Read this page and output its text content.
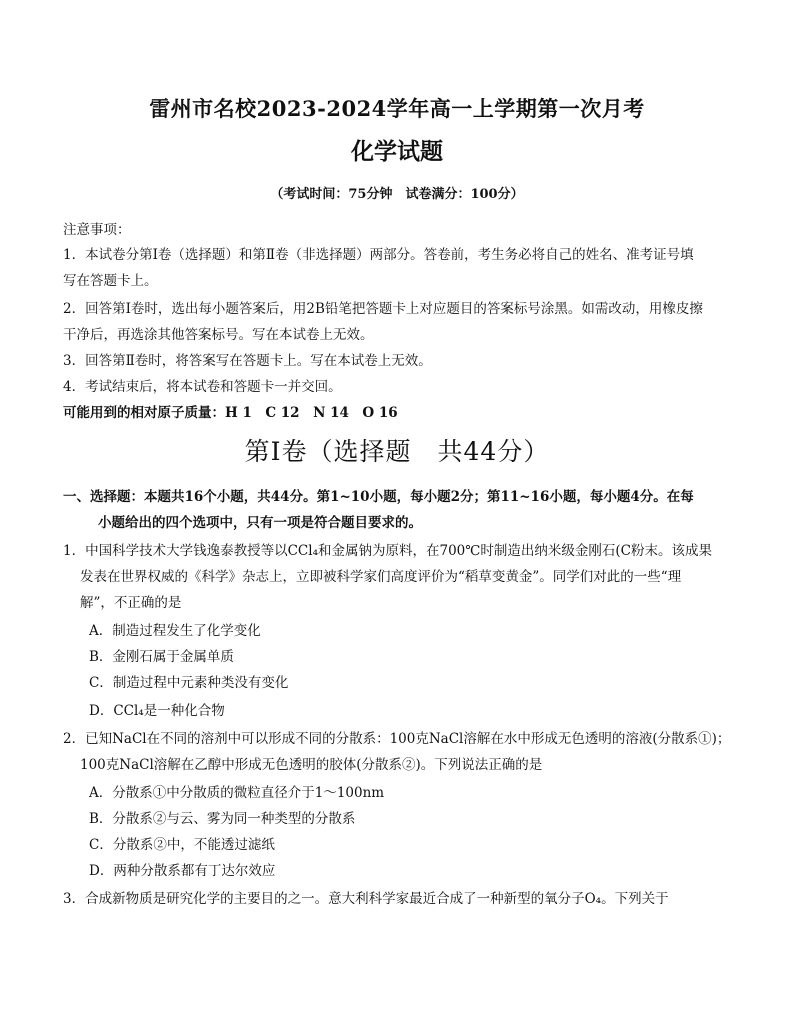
雷州市名校2023-2024学年高一上学期第一次月考
化学试题
（考试时间：75分钟　试卷满分：100分）
注意事项：
1．本试卷分第Ⅰ卷（选择题）和第Ⅱ卷（非选择题）两部分。答卷前，考生务必将自己的姓名、准考证号填
写在答题卡上。
2．回答第Ⅰ卷时，选出每小题答案后，用2B铅笔把答题卡上对应题目的答案标号涂黑。如需改动，用橡皮擦
干净后，再选涂其他答案标号。写在本试卷上无效。
3．回答第Ⅱ卷时，将答案写在答题卡上。写在本试卷上无效。
4．考试结束后，将本试卷和答题卡一并交回。
可能用到的相对原子质量：H 1　C 12　N 14　O 16
第Ⅰ卷（选择题　共44分）
一、选择题：本题共16个小题，共44分。第1~10小题，每小题2分；第11~16小题，每小题4分。在每
小题给出的四个选项中，只有一项是符合题目要求的。
1．中国科学技术大学钱逸泰教授等以CCl₄和金属钠为原料，在700℃时制造出纳米级金刚石(C粉末。该成果
发表在世界权威的《科学》杂志上，立即被科学家们高度评价为“稻草变黄金”。同学们对此的一些“理
解”，不正确的是
A．制造过程发生了化学变化
B．金刚石属于金属单质
C．制造过程中元素种类没有变化
D．CCl₄是一种化合物
2．已知NaCl在不同的溶剂中可以形成不同的分散系：100克NaCl溶解在水中形成无色透明的溶液(分散系①)；
100克NaCl溶解在乙醇中形成无色透明的胶体(分散系②)。下列说法正确的是
A．分散系①中分散质的微粒直径介于1～100nm
B．分散系②与云、雾为同一种类型的分散系
C．分散系②中，不能透过滤纸
D．两种分散系都有丁达尔效应
3．合成新物质是研究化学的主要目的之一。意大利科学家最近合成了一种新型的氧分子O₄。下列关于
